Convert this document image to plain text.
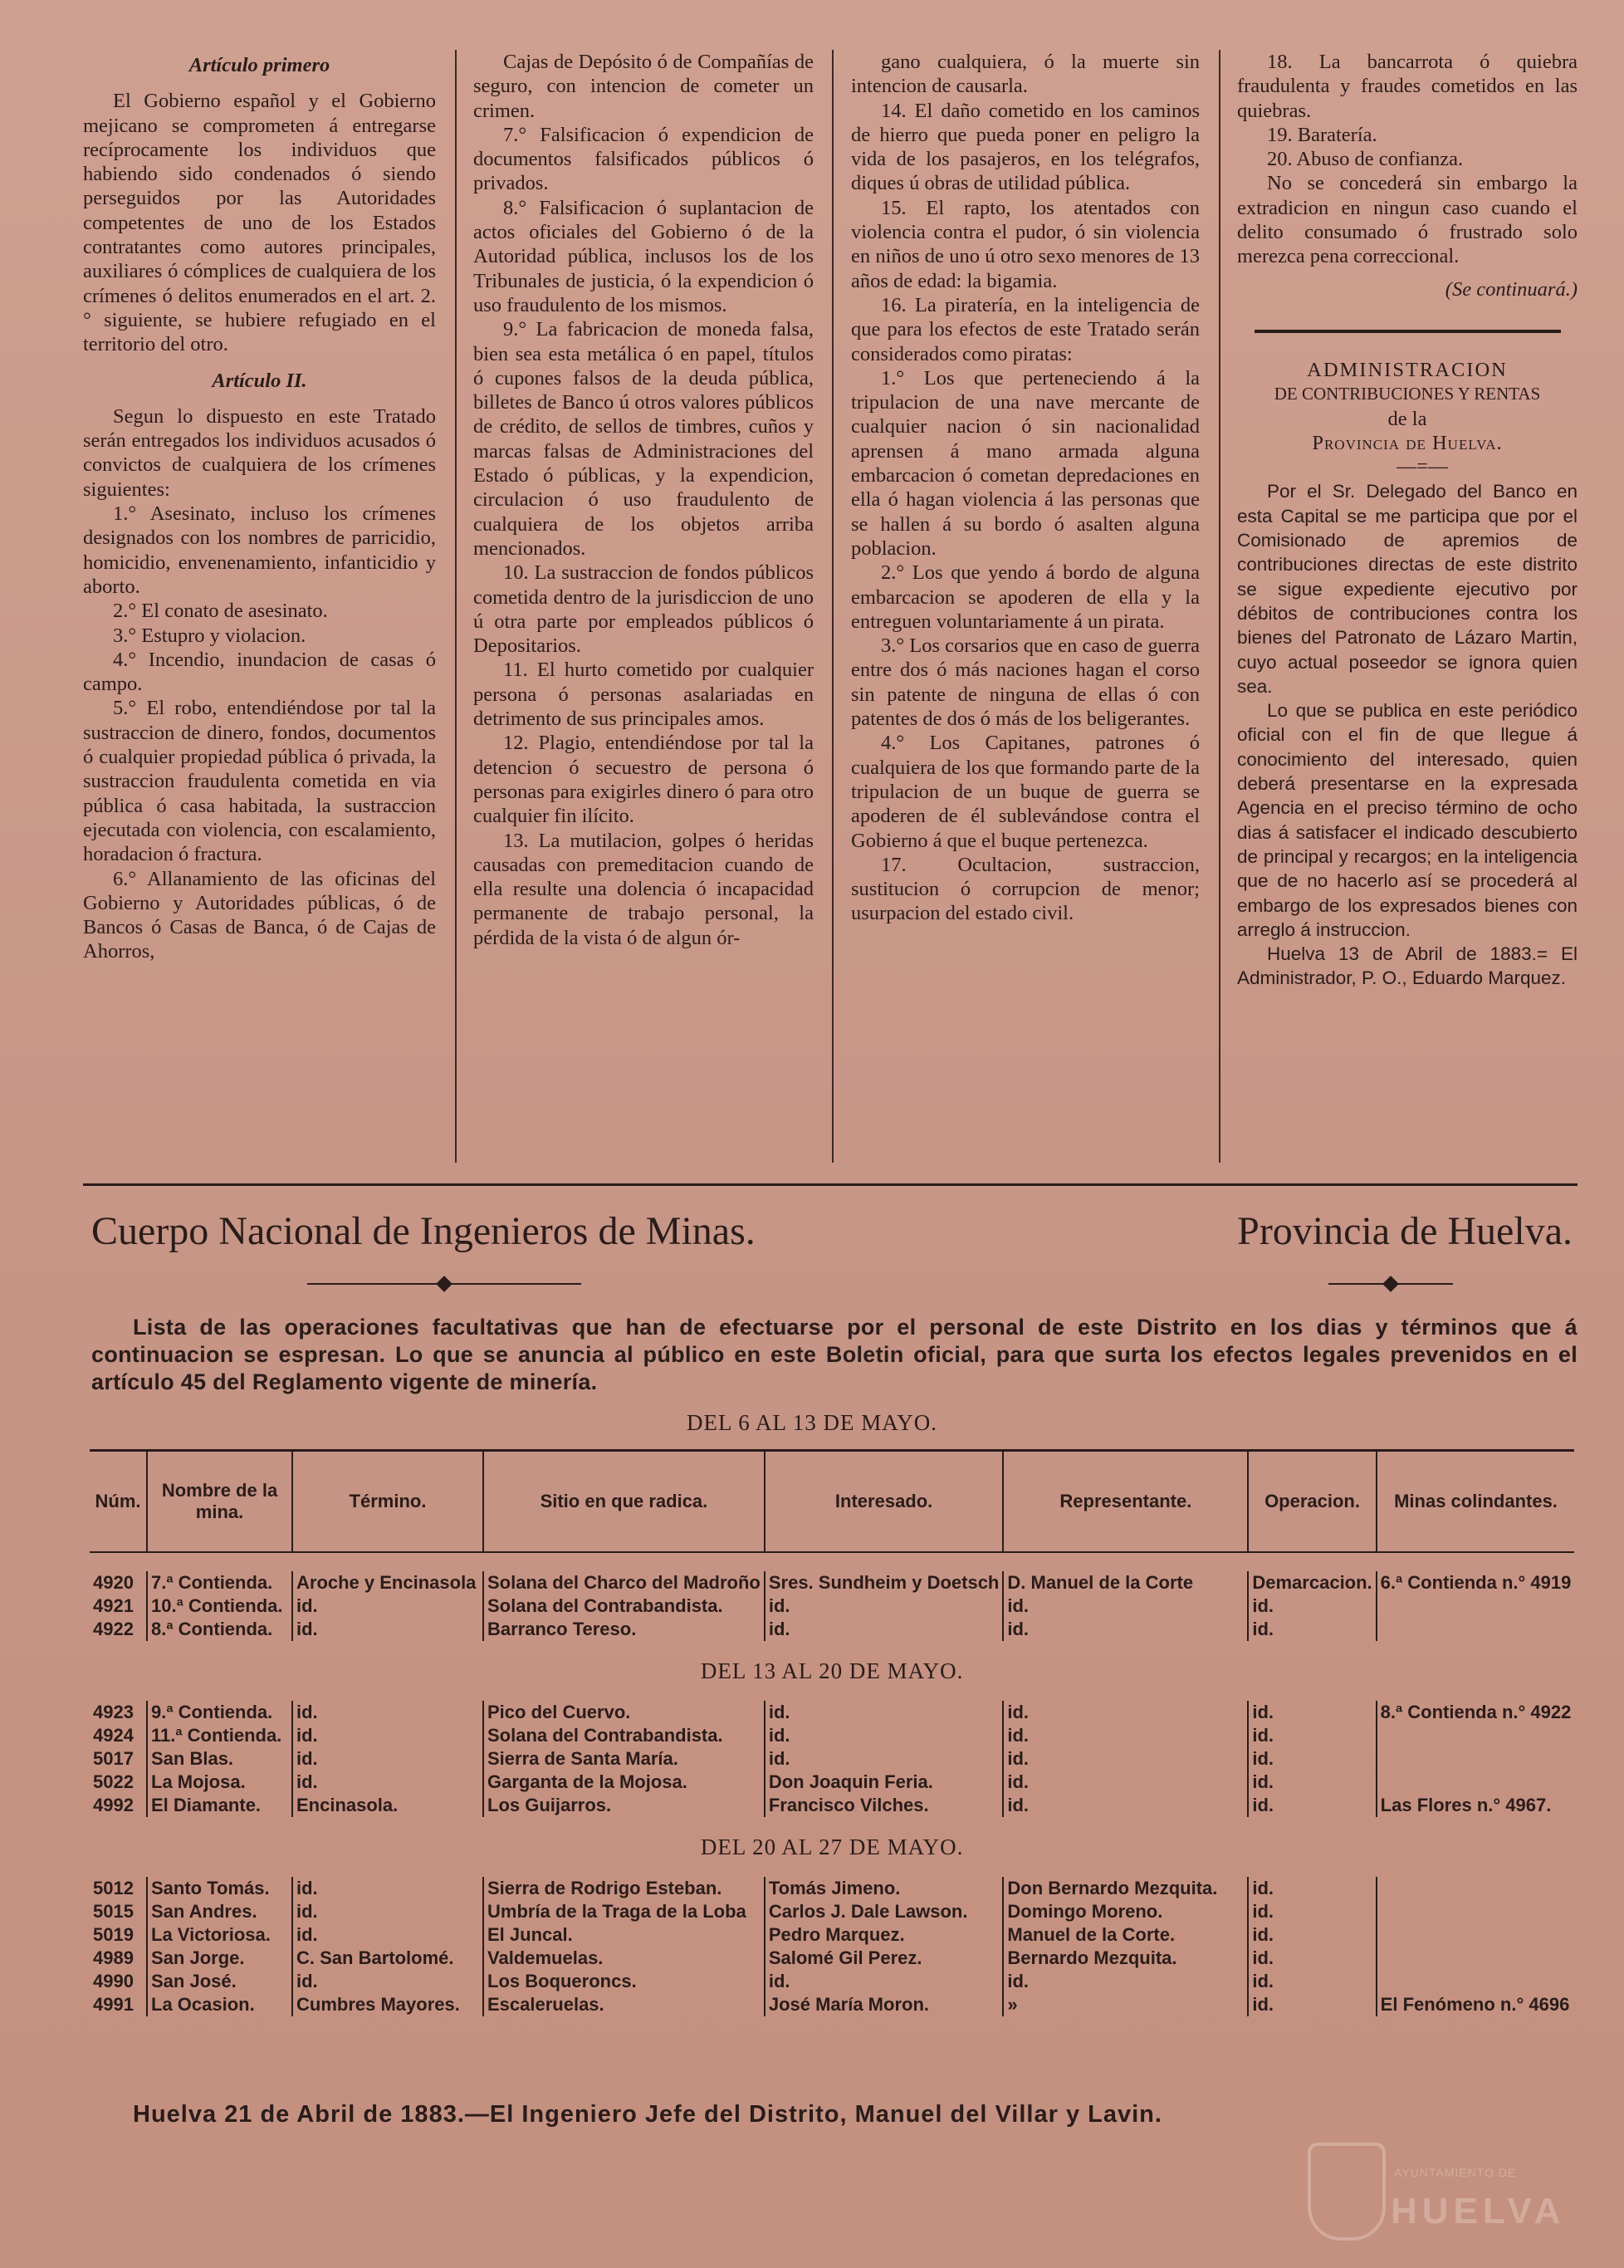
Artículo primero

El Gobierno español y el Gobierno mejicano se comprometen á entregarse recíprocamente los individuos que habiendo sido condenados ó siendo perseguidos por las Autoridades competentes de uno de los Estados contratantes como autores principales, auxiliares ó cómplices de cualquiera de los crímenes ó delitos enumerados en el art. 2.° siguiente, se hubiere refugiado en el territorio del otro.

Artículo II.

Segun lo dispuesto en este Tratado serán entregados los individuos acusados ó convictos de cualquiera de los crímenes siguientes:

1.° Asesinato, incluso los crímenes designados con los nombres de parricidio, homicidio, envenenamiento, infanticidio y aborto.

2.° El conato de asesinato.

3.° Estupro y violacion.

4.° Incendio, inundacion de casas ó campo.

5.° El robo, entendiéndose por tal la sustraccion de dinero, fondos, documentos ó cualquier propiedad pública ó privada, la sustraccion fraudulenta cometida en via pública ó casa habitada, la sustraccion ejecutada con violencia, con escalamiento, horadacion ó fractura.

6.° Allanamiento de las oficinas del Gobierno y Autoridades públicas, ó de Bancos ó Casas de Banca, ó de Cajas de Ahorros,

Cajas de Depósito ó de Compañías de seguro, con intencion de cometer un crimen.

7.° Falsificacion ó expendicion de documentos falsificados públicos ó privados.

8.° Falsificacion ó suplantacion de actos oficiales del Gobierno ó de la Autoridad pública, inclusos los de los Tribunales de justicia, ó la expendicion ó uso fraudulento de los mismos.

9.° La fabricacion de moneda falsa, bien sea esta metálica ó en papel, títulos ó cupones falsos de la deuda pública, billetes de Banco ú otros valores públicos de crédito, de sellos de timbres, cuños y marcas falsas de Administraciones del Estado ó públicas, y la expendicion, circulacion ó uso fraudulento de cualquiera de los objetos arriba mencionados.

10. La sustraccion de fondos públicos cometida dentro de la jurisdiccion de uno ú otra parte por empleados públicos ó Depositarios.

11. El hurto cometido por cualquier persona ó personas asalariadas en detrimento de sus principales amos.

12. Plagio, entendiéndose por tal la detencion ó secuestro de persona ó personas para exigirles dinero ó para otro cualquier fin ilícito.

13. La mutilacion, golpes ó heridas causadas con premeditacion cuando de ella resulte una dolencia ó incapacidad permanente de trabajo personal, la pérdida de la vista ó de algun ór-

gano cualquiera, ó la muerte sin intencion de causarla.

14. El daño cometido en los caminos de hierro que pueda poner en peligro la vida de los pasajeros, en los telégrafos, diques ú obras de utilidad pública.

15. El rapto, los atentados con violencia contra el pudor, ó sin violencia en niños de uno ú otro sexo menores de 13 años de edad: la bigamia.

16. La piratería, en la inteligencia de que para los efectos de este Tratado serán considerados como piratas:

1.° Los que perteneciendo á la tripulacion de una nave mercante de cualquier nacion ó sin nacionalidad aprensen á mano armada alguna embarcacion ó cometan depredaciones en ella ó hagan violencia á las personas que se hallen á su bordo ó asalten alguna poblacion.

2.° Los que yendo á bordo de alguna embarcacion se apoderen de ella y la entreguen voluntariamente á un pirata.

3.° Los corsarios que en caso de guerra entre dos ó más naciones hagan el corso sin patente de ninguna de ellas ó con patentes de dos ó más de los beligerantes.

4.° Los Capitanes, patrones ó cualquiera de los que formando parte de la tripulacion de un buque de guerra se apoderen de él sublevándose contra el Gobierno á que el buque pertenezca.

17. Ocultacion, sustraccion, sustitucion ó corrupcion de menor; usurpacion del estado civil.

18. La bancarrota ó quiebra fraudulenta y fraudes cometidos en las quiebras.

19. Baratería.

20. Abuso de confianza.

No se concederá sin embargo la extradicion en ningun caso cuando el delito consumado ó frustrado solo merezca pena correccional.

(Se continuará.)

ADMINISTRACION

DE CONTRIBUCIONES Y RENTAS

de la

Provincia de Huelva.

—=—

Por el Sr. Delegado del Banco en esta Capital se me participa que por el Comisionado de apremios de contribuciones directas de este distrito se sigue expediente ejecutivo por débitos de contribuciones contra los bienes del Patronato de Lázaro Martin, cuyo actual poseedor se ignora quien sea.

Lo que se publica en este periódico oficial con el fin de que llegue á conocimiento del interesado, quien deberá presentarse en la expresada Agencia en el preciso término de ocho dias á satisfacer el indicado descubierto de principal y recargos; en la inteligencia que de no hacerlo así se procederá al embargo de los expresados bienes con arreglo á instruccion.

Huelva 13 de Abril de 1883.= El Administrador, P. O., Eduardo Marquez.

Cuerpo Nacional de Ingenieros de Minas.	Provincia de Huelva.
Lista de las operaciones facultativas que han de efectuarse por el personal de este Distrito en los dias y términos que á continuacion se espresan. Lo que se anuncia al público en este Boletin oficial, para que surta los efectos legales prevenidos en el artículo 45 del Reglamento vigente de minería.
DEL 6 AL 13 DE MAYO.
Núm.	Nombre de la mina.	Término.	Sitio en que radica.	Interesado.	Representante.	Operacion.	Minas colindantes.

4920	7.ª Contienda.	Aroche y Encinasola	Solana del Charco del Madroño	Sres. Sundheim y Doetsch	D. Manuel de la Corte	Demarcacion.	6.ª Contienda n.° 4919
4921	10.ª Contienda.	id.	Solana del Contrabandista.	id.	id.	id.	
4922	8.ª Contienda.	id.	Barranco Tereso.	id.	id.	id.	
DEL 13 AL 20 DE MAYO.							
4923	9.ª Contienda.	id.	Pico del Cuervo.	id.	id.	id.	8.ª Contienda n.° 4922
4924	11.ª Contienda.	id.	Solana del Contrabandista.	id.	id.	id.	
5017	San Blas.	id.	Sierra de Santa María.	id.	id.	id.	
5022	La Mojosa.	id.	Garganta de la Mojosa.	Don Joaquin Feria.	id.	id.	
4992	El Diamante.	Encinasola.	Los Guijarros.	Francisco Vilches.	id.	id.	Las Flores n.° 4967.
DEL 20 AL 27 DE MAYO.							
5012	Santo Tomás.	id.	Sierra de Rodrigo Esteban.	Tomás Jimeno.	Don Bernardo Mezquita.	id.	
5015	San Andres.	id.	Umbría de la Traga de la Loba	Carlos J. Dale Lawson.	Domingo Moreno.	id.	
5019	La Victoriosa.	id.	El Juncal.	Pedro Marquez.	Manuel de la Corte.	id.	
4989	San Jorge.	C. San Bartolomé.	Valdemuelas.	Salomé Gil Perez.	Bernardo Mezquita.	id.	
4990	San José.	id.	Los Boqueroncs.	id.	id.	id.	
4991	La Ocasion.	Cumbres Mayores.	Escaleruelas.	José María Moron.	»	id.	El Fenómeno n.° 4696
Huelva 21 de Abril de 1883.—El Ingeniero Jefe del Distrito, Manuel del Villar y Lavin.
AYUNTAMIENTO DE
HUELVA
